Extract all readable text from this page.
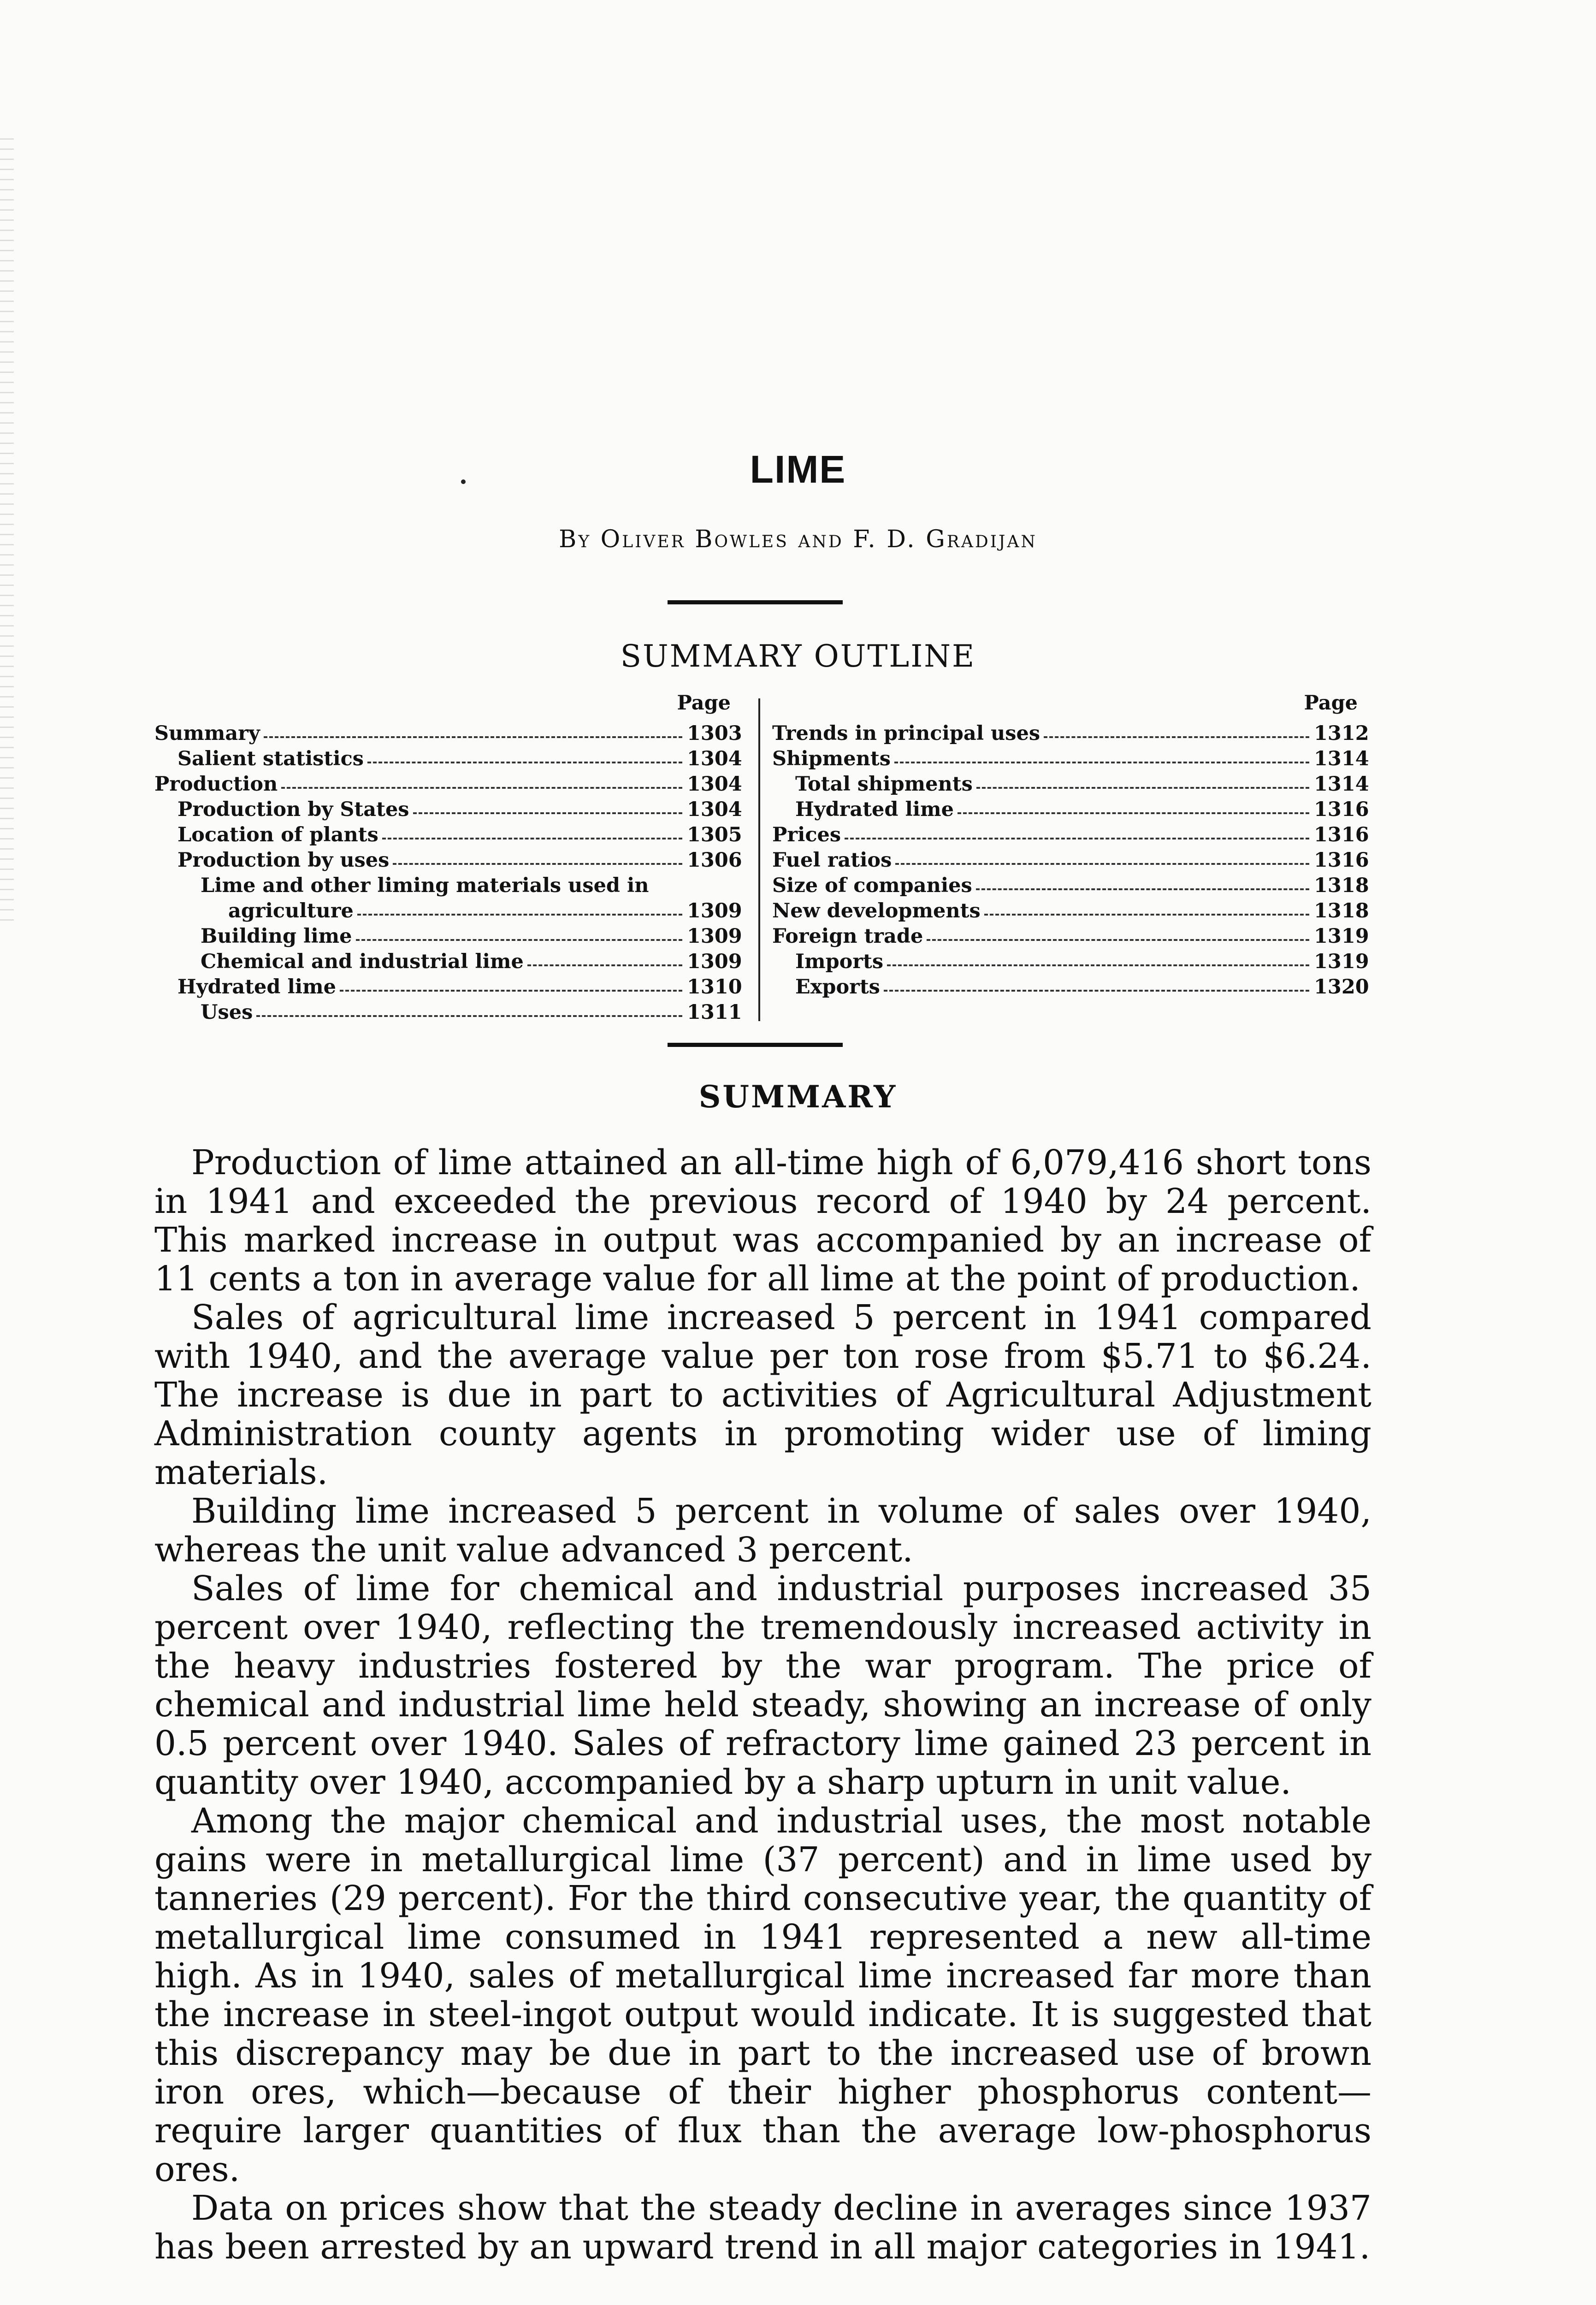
LIME
By Oliver Bowles and F. D. Gradijan
SUMMARY OUTLINE
Page
Summary	1303
Salient statistics	1304
Production	1304
Production by States	1304
Location of plants	1305
Production by uses	1306
Lime and other liming materials used in
agriculture	1309
Building lime	1309
Chemical and industrial lime	1309
Hydrated lime	1310
Uses	1311
Page
Trends in principal uses	1312
Shipments	1314
Total shipments	1314
Hydrated lime	1316
Prices	1316
Fuel ratios	1316
Size of companies	1318
New developments	1318
Foreign trade	1319
Imports	1319
Exports	1320
SUMMARY

Production of lime attained an all-time high of 6,079,416 short tons in 1941 and exceeded the previous record of 1940 by 24 percent. This marked increase in output was accompanied by an increase of 11 cents a ton in average value for all lime at the point of production.

Sales of agricultural lime increased 5 percent in 1941 compared with 1940, and the average value per ton rose from $5.71 to $6.24. The increase is due in part to activities of Agricultural Adjustment Administration county agents in promoting wider use of liming materials.

Building lime increased 5 percent in volume of sales over 1940, whereas the unit value advanced 3 percent.

Sales of lime for chemical and industrial purposes increased 35 percent over 1940, reflecting the tremendously increased activity in the heavy industries fostered by the war program. The price of chemical and industrial lime held steady, showing an increase of only 0.5 percent over 1940. Sales of refractory lime gained 23 percent in quantity over 1940, accompanied by a sharp upturn in unit value.

Among the major chemical and industrial uses, the most notable gains were in metallurgical lime (37 percent) and in lime used by tanneries (29 percent). For the third consecutive year, the quantity of metallurgical lime consumed in 1941 represented a new all-time high. As in 1940, sales of metallurgical lime increased far more than the increase in steel-ingot output would indicate. It is suggested that this discrepancy may be due in part to the increased use of brown iron ores, which—because of their higher phosphorus content—require larger quantities of flux than the average low-phosphorus ores.

Data on prices show that the steady decline in averages since 1937 has been arrested by an upward trend in all major categories in 1941.
